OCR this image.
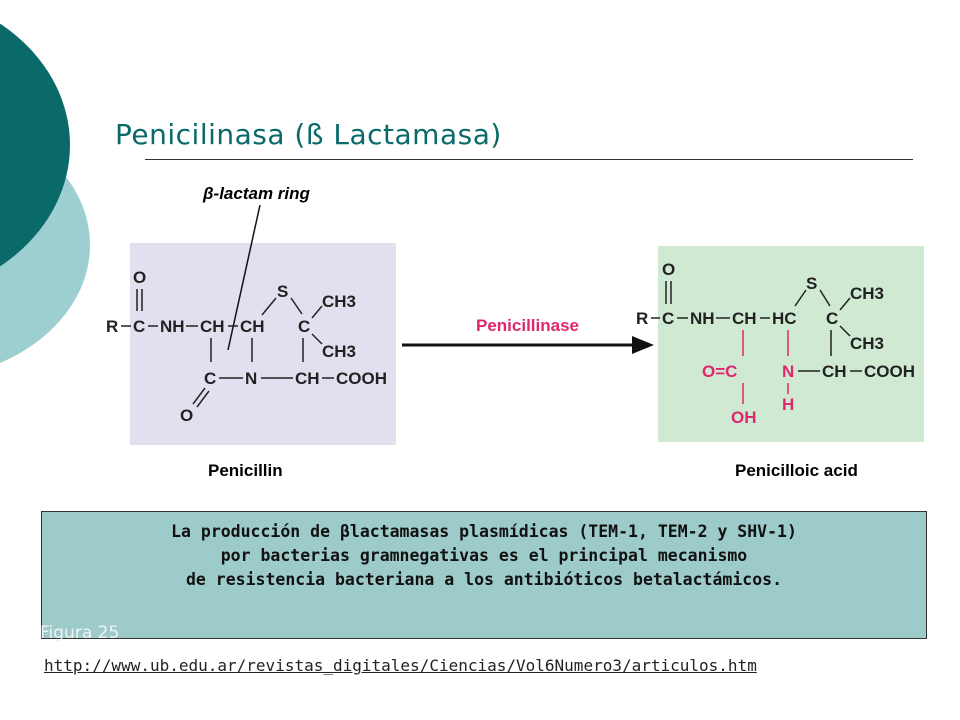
Penicilinasa (ß Lactamasa)
β-lactam ring
O
R C NH CH CH
S
C
CH3
CH3
C N CH COOH
O
Penicillinase
O
R C NH CH HC
S
C
CH3
CH3
O=C	N CH COOH
OH
H
Penicillin	Penicilloic acid
La producción de βlactamasas plasmídicas (TEM-1, TEM-2 y SHV-1)
por bacterias gramnegativas es el principal mecanismo
de resistencia bacteriana a los antibióticos betalactámicos.
Figura 25
http://www.ub.edu.ar/revistas_digitales/Ciencias/Vol6Numero3/articulos.htm
